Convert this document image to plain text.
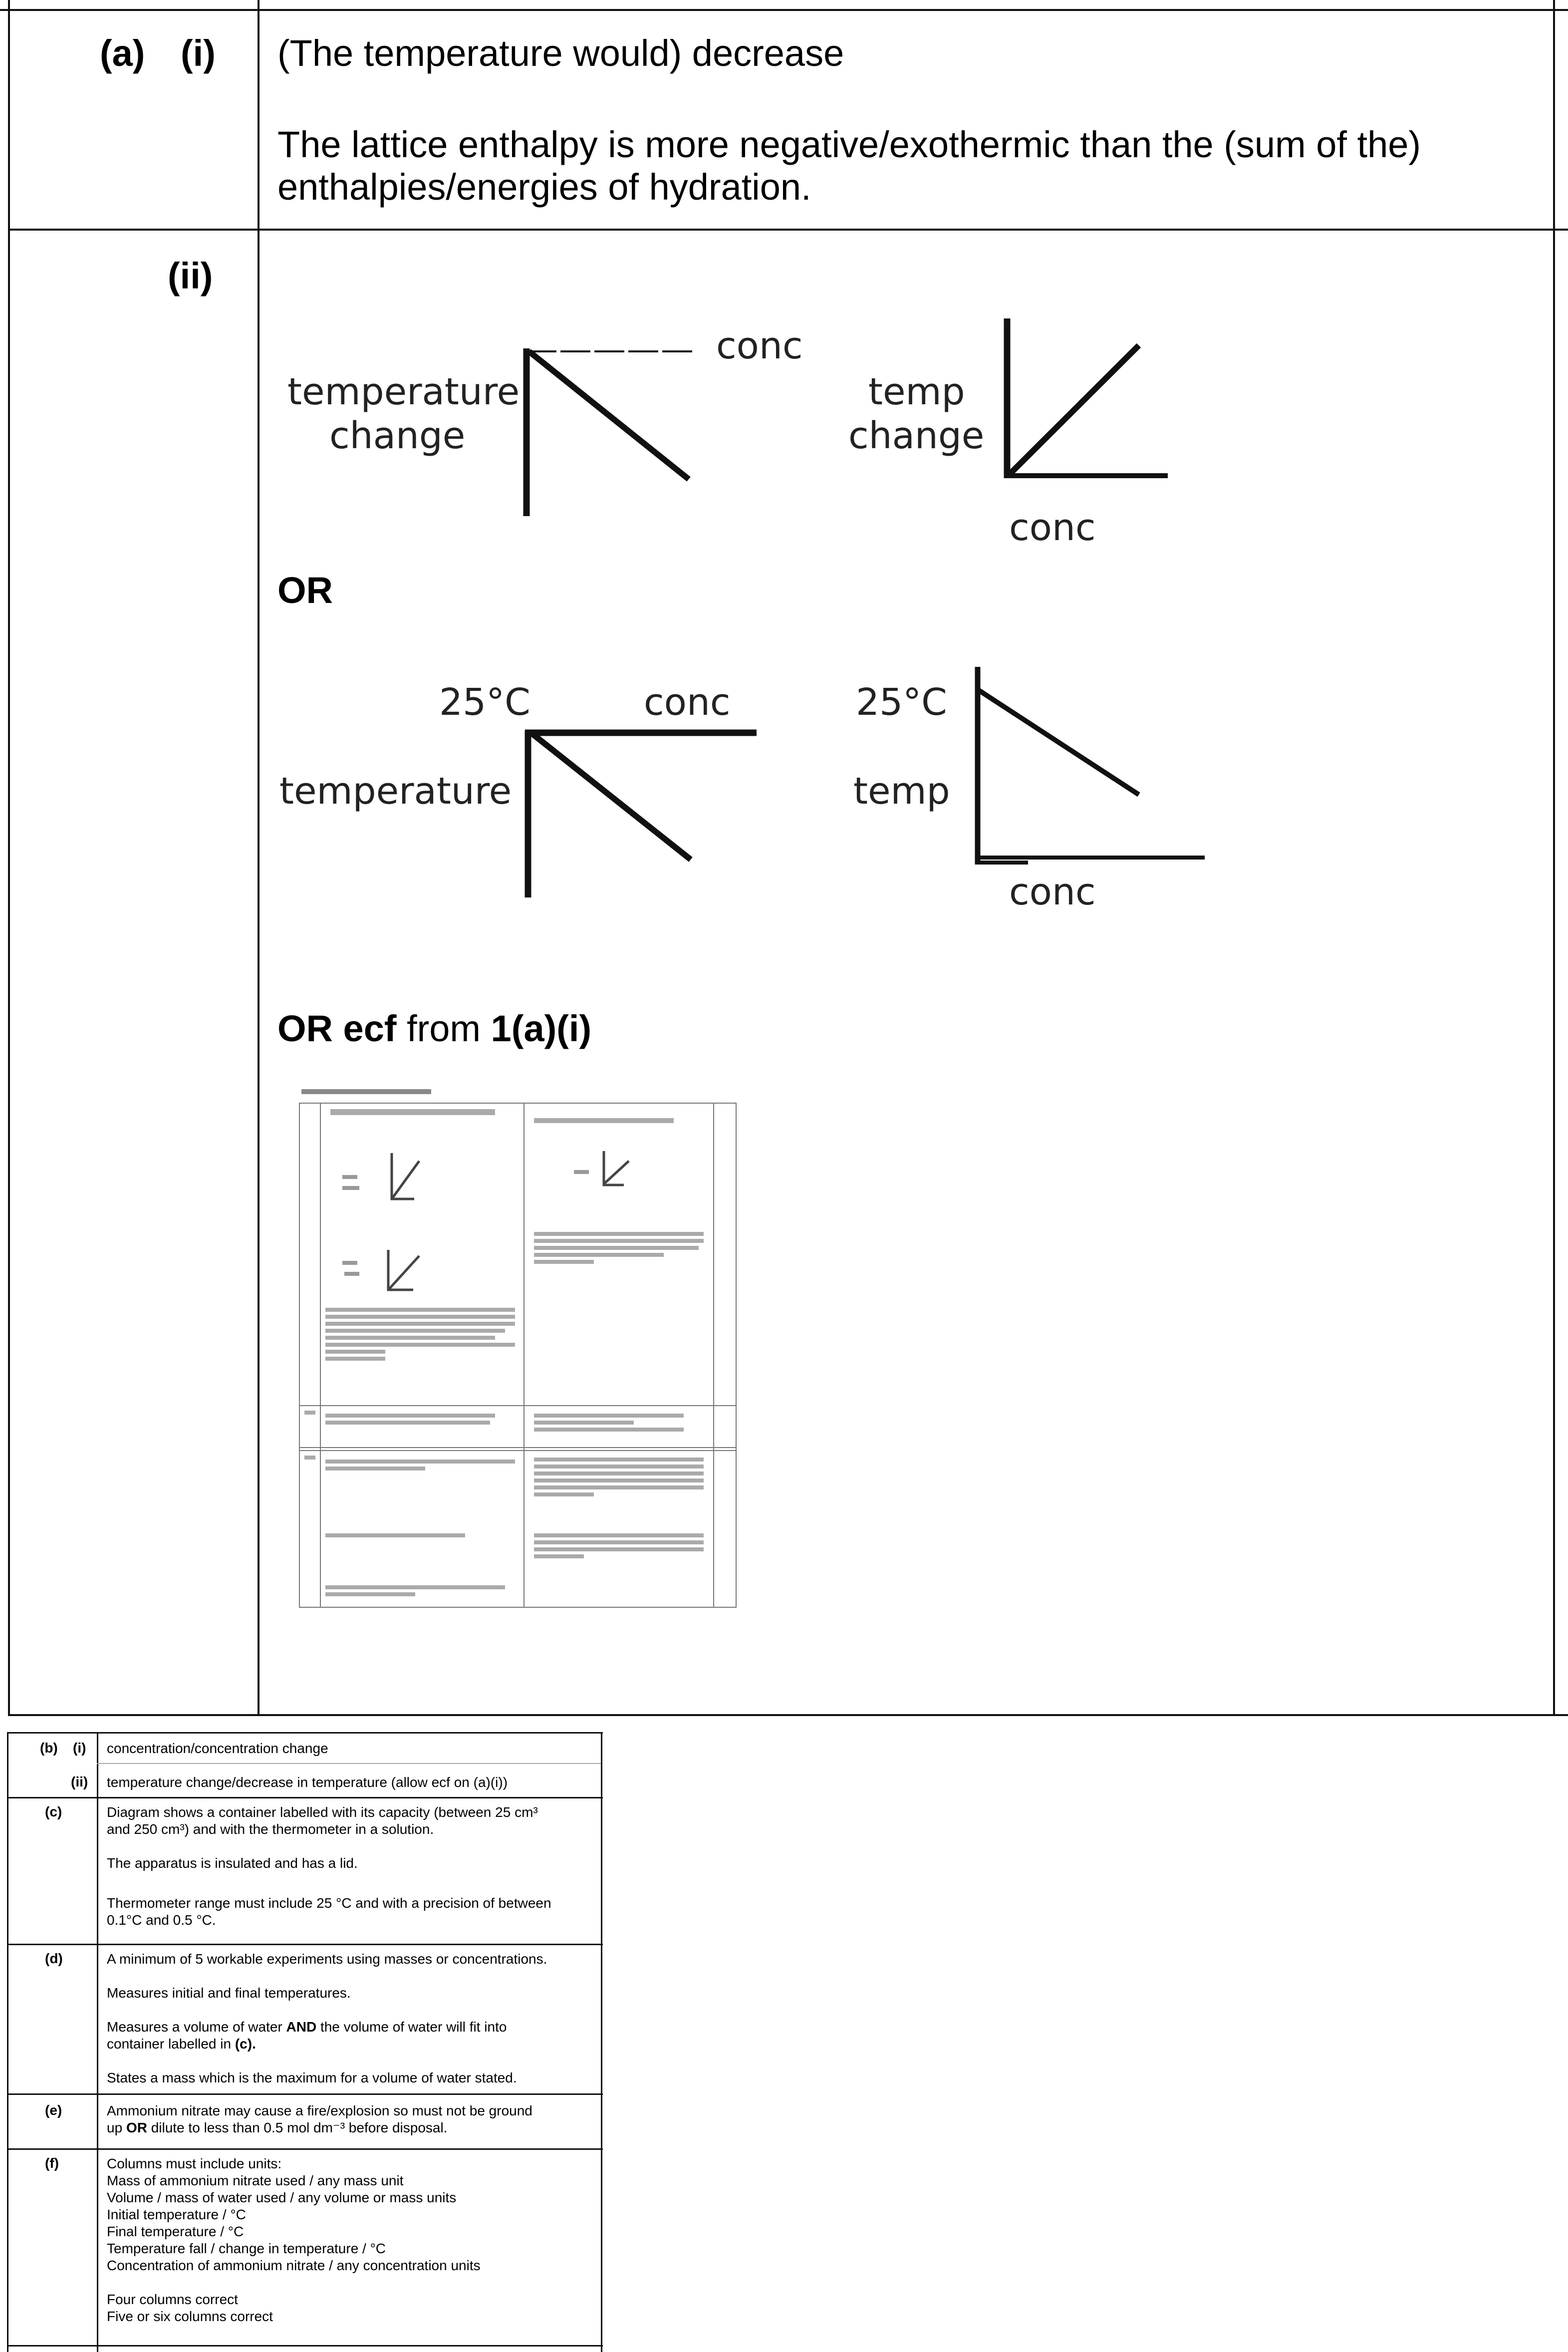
(a) (i) (The temperature would) decrease
The lattice enthalpy is more negative/exothermic than the (sum of the)
enthalpies/energies of hydration.
(ii)
temperature
change
conc
temp
change
conc
OR
25°C	conc
temperature
25°C
temp
conc
OR ecf from 1(a)(i)
(b) (i) concentration/concentration change
(ii) temperature change/decrease in temperature (allow ecf on (a)(i))
(c)	Diagram shows a container labelled with its capacity (between 25 cm³
and 250 cm³) and with the thermometer in a solution.
The apparatus is insulated and has a lid.
Thermometer range must include 25 °C and with a precision of between
0.1°C and 0.5 °C.
(d)	A minimum of 5 workable experiments using masses or concentrations.
Measures initial and final temperatures.
Measures a volume of water AND the volume of water will fit into
container labelled in (c).
States a mass which is the maximum for a volume of water stated.
(e)	Ammonium nitrate may cause a fire/explosion so must not be ground
up OR dilute to less than 0.5 mol dm⁻³ before disposal.
(f)	Columns must include units:
Mass of ammonium nitrate used / any mass unit
Volume / mass of water used / any volume or mass units
Initial temperature / °C
Final temperature / °C
Temperature fall / change in temperature / °C
Concentration of ammonium nitrate / any concentration units
Four columns correct
Five or six columns correct
